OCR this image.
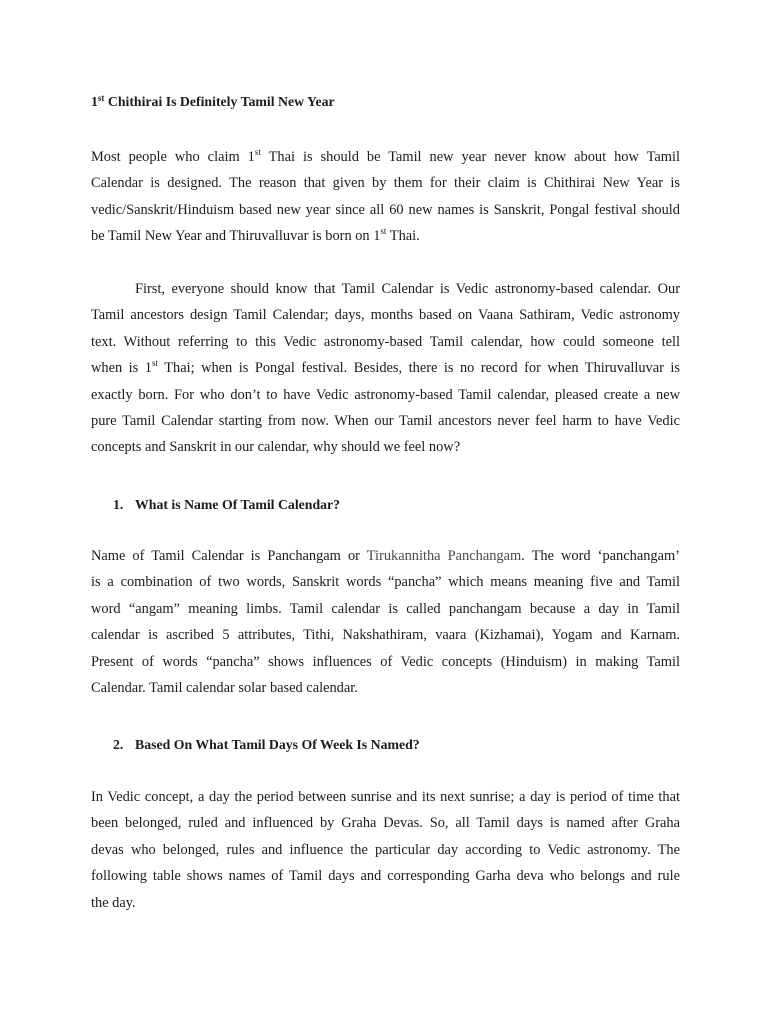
1st Chithirai Is Definitely Tamil New Year
Most people who claim 1st Thai is should be Tamil new year never know about how Tamil
Calendar is designed. The reason that given by them for their claim is Chithirai New Year is
vedic/Sanskrit/Hinduism based new year since all 60 new names is Sanskrit, Pongal festival should
be Tamil New Year and Thiruvalluvar is born on 1st Thai.
First, everyone should know that Tamil Calendar is Vedic astronomy-based calendar. Our
Tamil ancestors design Tamil Calendar; days, months based on Vaana Sathiram, Vedic astronomy
text. Without referring to this Vedic astronomy-based Tamil calendar, how could someone tell
when is 1st Thai; when is Pongal festival. Besides, there is no record for when Thiruvalluvar is
exactly born. For who don’t to have Vedic astronomy-based Tamil calendar, pleased create a new
pure Tamil Calendar starting from now. When our Tamil ancestors never feel harm to have Vedic
concepts and Sanskrit in our calendar, why should we feel now?
1. What is Name Of Tamil Calendar?
Name of Tamil Calendar is Panchangam or Tirukannitha Panchangam. The word ‘panchangam’
is a combination of two words, Sanskrit words “pancha” which means meaning five and Tamil
word “angam” meaning limbs. Tamil calendar is called panchangam because a day in Tamil
calendar is ascribed 5 attributes, Tithi, Nakshathiram, vaara (Kizhamai), Yogam and Karnam.
Present of words “pancha” shows influences of Vedic concepts (Hinduism) in making Tamil
Calendar. Tamil calendar solar based calendar.
2. Based On What Tamil Days Of Week Is Named?
In Vedic concept, a day the period between sunrise and its next sunrise; a day is period of time that
been belonged, ruled and influenced by Graha Devas. So, all Tamil days is named after Graha
devas who belonged, rules and influence the particular day according to Vedic astronomy. The
following table shows names of Tamil days and corresponding Garha deva who belongs and rule
the day.
